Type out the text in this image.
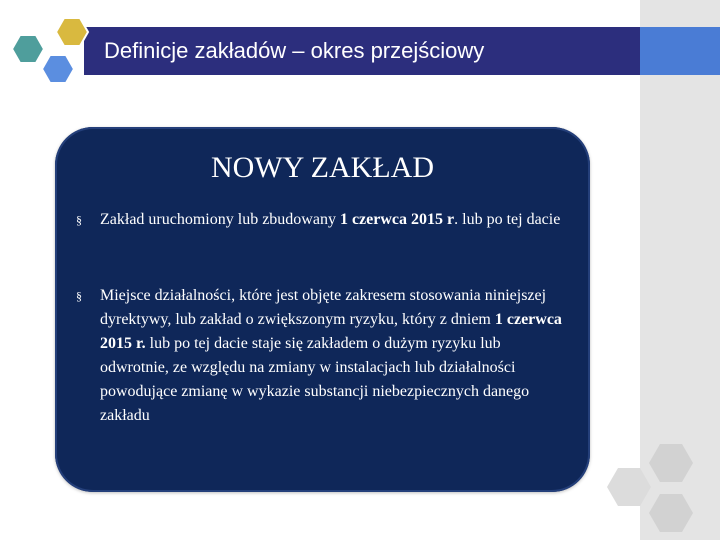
Definicje zakładów – okres przejściowy
NOWY ZAKŁAD
§	Zakład uruchomiony lub zbudowany 1 czerwca 2015 r. lub po tej dacie
§	Miejsce działalności, które jest objęte zakresem stosowania niniejszej dyrektywy, lub zakład o zwiększonym ryzyku, który z dniem 1 czerwca 2015 r. lub po tej dacie staje się zakładem o dużym ryzyku lub odwrotnie, ze względu na zmiany w instalacjach lub działalności powodujące zmianę w wykazie substancji niebezpiecznych danego zakładu
